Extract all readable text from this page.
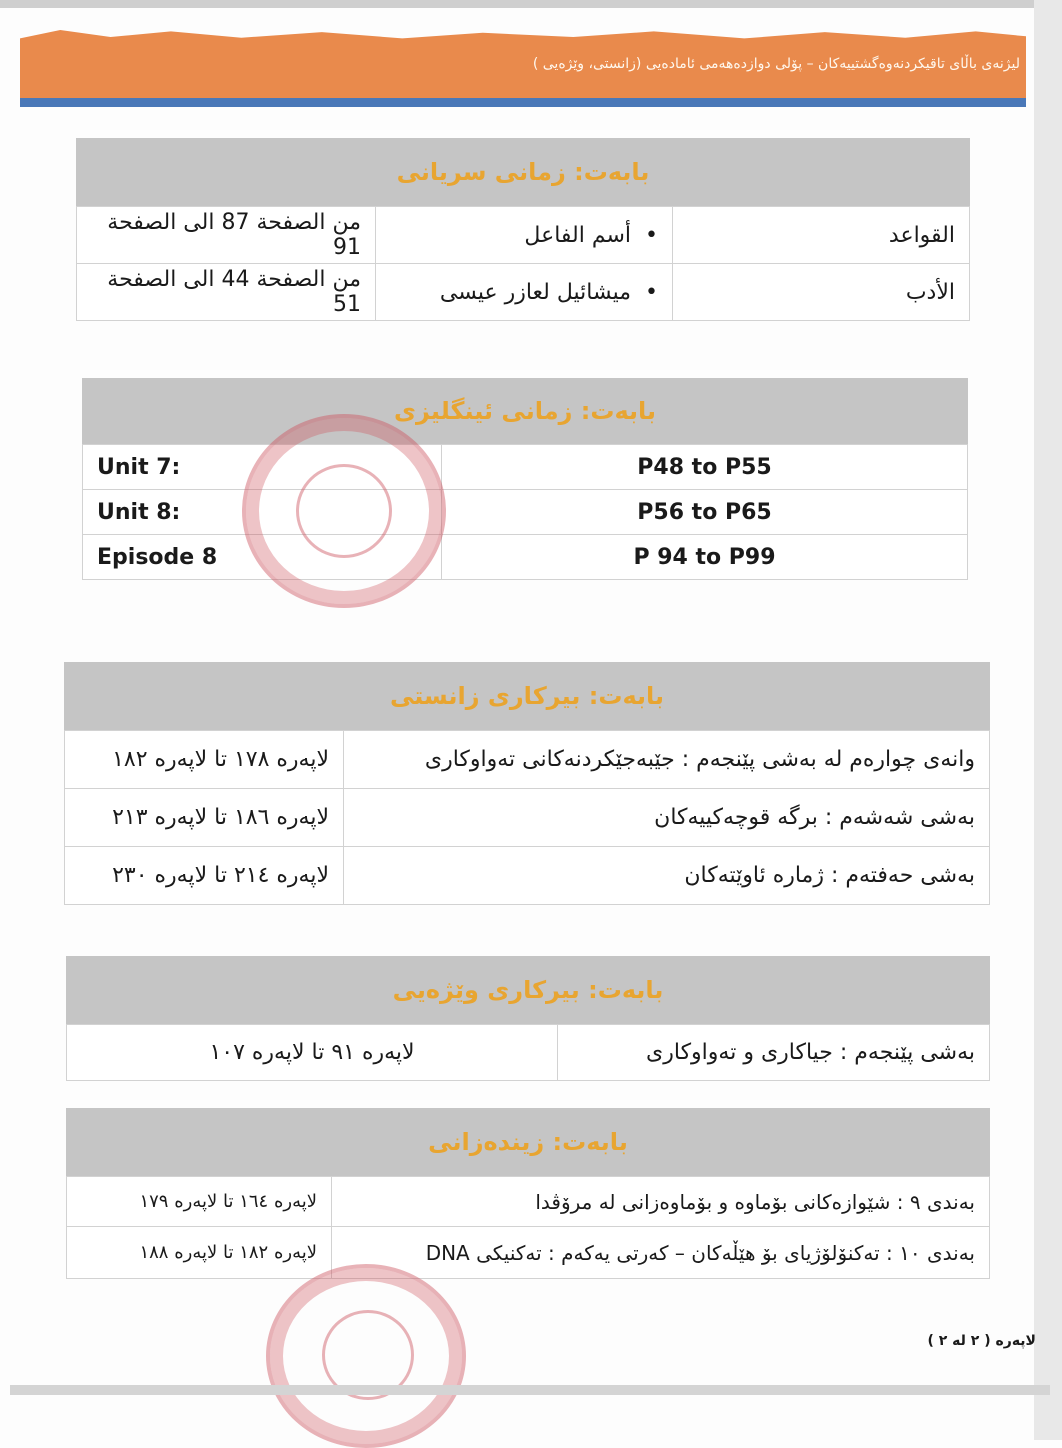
لیژنەی باڵای تاقیکردنەوەگشتییەکان – پۆلی دوازدەهەمی ئامادەیی (زانستی، وێژەیی )
بابەت: زمانی سریانی
من الصفحة 87 الى الصفحة 91	•  أسم الفاعل	القواعد
من الصفحة 44 الى الصفحة 51	•  ميشائيل لعازر عيسى	الأدب
بابەت: زمانی ئینگلیزی
Unit 7:	P48 to P55
Unit 8:	P56 to P65
Episode 8	P 94 to P99
بابەت: بیرکاری زانستی
لاپەرە ١٧٨ تا لاپەرە ١٨٢	وانەی چوارەم لە بەشی پێنجەم : جێبەجێکردنەکانی تەواوکاری
لاپەرە ١٨٦ تا لاپەرە ٢١٣	بەشی شەشەم : برگە قوچەکییەکان
لاپەرە ٢١٤ تا لاپەرە ٢٣٠	بەشی حەفتەم : ژمارە ئاوێتەکان
بابەت: بیرکاری وێژەیی
لاپەرە ٩١ تا لاپەرە ١٠٧	بەشی پێنجەم : جیاکاری و تەواوکاری
بابەت: زیندەزانی
لاپەرە ١٦٤ تا لاپەرە ١٧٩	بەندی ٩ : شێوازەکانی بۆماوە و بۆماوەزانی لە مرۆڤدا
لاپەرە ١٨٢ تا لاپەرە ١٨٨	بەندی ١٠ : تەکنۆلۆژیای بۆ هێڵەکان – کەرتی یەکەم : تەکنیکی DNA
لاپەرە ( ٢ لە ٢ )
